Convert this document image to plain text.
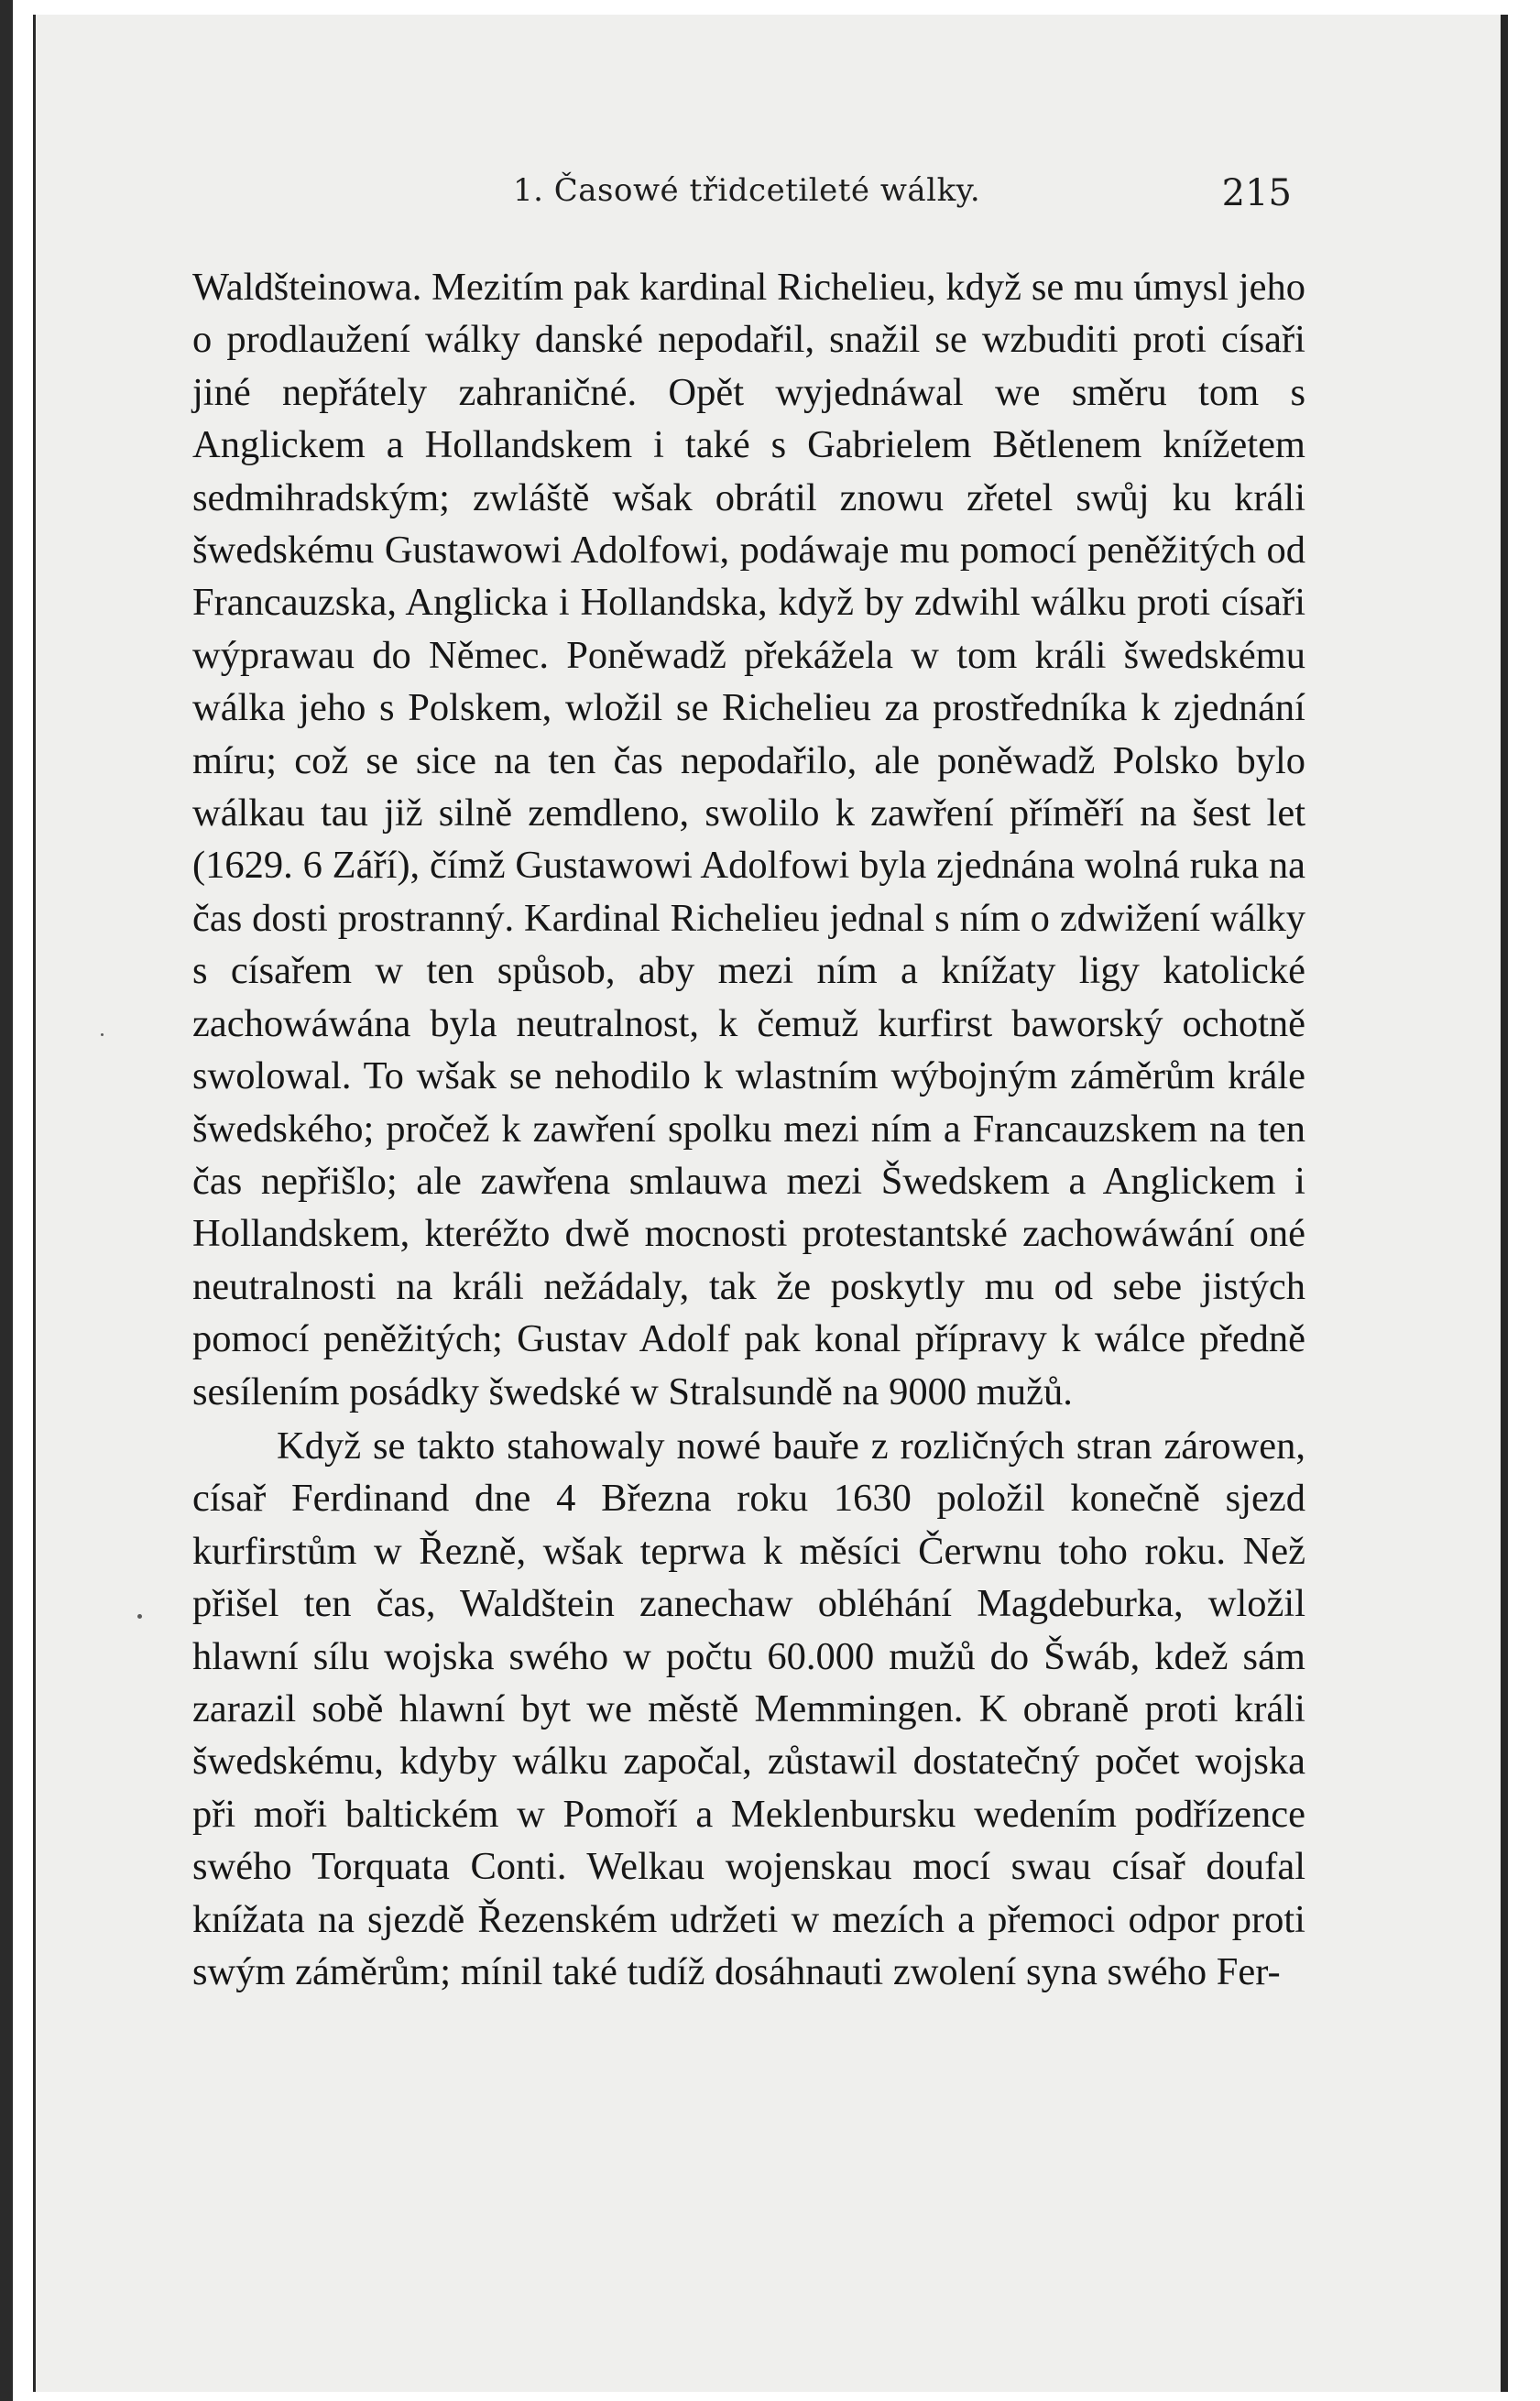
1. Časowé třidcetileté wálky.	215

Waldšteinowa. Mezitím pak kardinal Richelieu, když se mu úmysl jeho o prodlaužení wálky danské nepodařil, snažil se wzbuditi proti císaři jiné nepřátely zahraničné. Opět wyjednáwal we směru tom s Anglickem a Hollandskem i také s Gabrielem Bětlenem knížetem sedmihradským; zwláště wšak obrátil znowu zřetel swůj ku králi šwedskému Gustawowi Adolfowi, podáwaje mu pomocí peněžitých od Francauzska, Anglicka i Hollandska, když by zdwihl wálku proti císaři wýprawau do Němec. Poněwadž překážela w tom králi šwedskému wálka jeho s Polskem, wložil se Richelieu za prostředníka k zjednání míru; což se sice na ten čas nepodařilo, ale poněwadž Polsko bylo wálkau tau již silně zemdleno, swolilo k zawření příměří na šest let (1629. 6 Září), čímž Gustawowi Adolfowi byla zjednána wolná ruka na čas dosti prostranný. Kardinal Richelieu jednal s ním o zdwižení wálky s císařem w ten spůsob, aby mezi ním a knížaty ligy katolické zachowáwána byla neutralnost, k čemuž kurfirst baworský ochotně swolowal. To wšak se nehodilo k wlastním wýbojným záměrům krále šwedského; pročež k zawření spolku mezi ním a Francauzskem na ten čas nepřišlo; ale zawřena smlauwa mezi Šwedskem a Anglickem i Hollandskem, kteréžto dwě mocnosti protestantské zachowáwání oné neutralnosti na králi nežádaly, tak že poskytly mu od sebe jistých pomocí peněžitých; Gustav Adolf pak konal přípravy k wálce předně sesílením posádky šwedské w Stralsundě na 9000 mužů.

Když se takto stahowaly nowé bauře z rozličných stran zárowen, císař Ferdinand dne 4 Března roku 1630 položil konečně sjezd kurfirstům w Řezně, wšak teprwa k měsíci Čerwnu toho roku. Než přišel ten čas, Waldštein zanechaw obléhání Magdeburka, wložil hlawní sílu wojska swého w počtu 60.000 mužů do Šwáb, kdež sám zarazil sobě hlawní byt we městě Memmingen. K obraně proti králi šwedskému, kdyby wálku započal, zůstawil dostatečný počet wojska při moři baltickém w Pomoří a Meklenbursku wedením podřízence swého Torquata Conti. Welkau wojenskau mocí swau císař doufal knížata na sjezdě Řezenském udržeti w mezích a přemoci odpor proti swým záměrům; mínil také tudíž dosáhnauti zwolení syna swého Fer-
